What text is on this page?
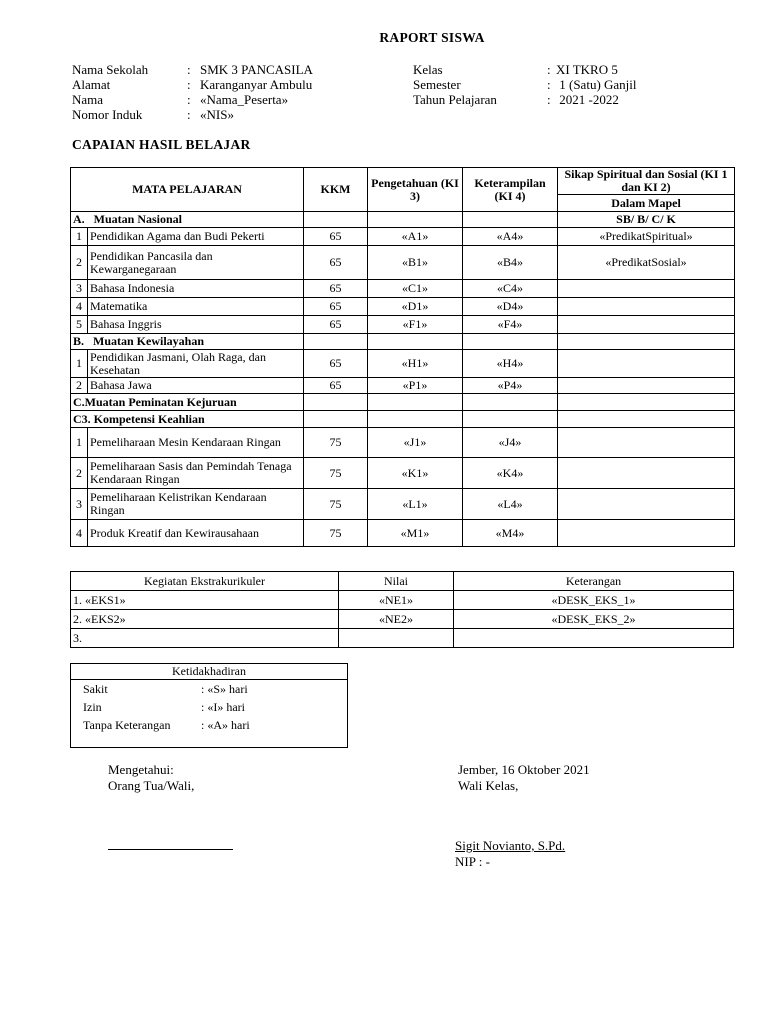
RAPORT SISWA
Nama Sekolah	: SMK 3 PANCASILA
Alamat	: Karanganyar Ambulu
Nama	: «Nama_Peserta»
Nomor Induk	: «NIS»
Kelas	: XI TKRO 5
Semester	: 1 (Satu) Ganjil
Tahun Pelajaran	: 2021 -2022
CAPAIAN HASIL BELAJAR
MATA PELAJARAN		KKM	Pengetahuan (KI 3)	Keterampilan (KI 4)	Sikap Spiritual dan Sosial (KI 1 dan KI 2)
					Dalam Mapel
A.   Muatan Nasional					SB/ B/ C/ K
1	Pendidikan Agama dan Budi Pekerti	65	«A1»	«A4»	«PredikatSpiritual»
2	Pendidikan Pancasila dan Kewarganegaraan	65	«B1»	«B4»	«PredikatSosial»
3	Bahasa Indonesia	65	«C1»	«C4»	
4	Matematika	65	«D1»	«D4»	
5	Bahasa Inggris	65	«F1»	«F4»	
B.   Muatan Kewilayahan					
1	Pendidikan Jasmani, Olah Raga, dan Kesehatan	65	«H1»	«H4»	
2	Bahasa Jawa	65	«P1»	«P4»	
C.Muatan Peminatan Kejuruan					
C3. Kompetensi Keahlian					
1	Pemeliharaan Mesin Kendaraan Ringan	75	«J1»	«J4»	
2	Pemeliharaan Sasis dan Pemindah Tenaga Kendaraan Ringan	75	«K1»	«K4»	
3	Pemeliharaan Kelistrikan Kendaraan Ringan	75	«L1»	«L4»	
4	Produk Kreatif dan Kewirausahaan	75	«M1»	«M4»	
Kegiatan Ekstrakurikuler	Nilai	Keterangan
1. «EKS1»	«NE1»	«DESK_EKS_1»
2. «EKS2»	«NE2»	«DESK_EKS_2»
3.		
Ketidakhadiran
Sakit	: «S» hari
Izin	: «I» hari
Tanpa Keterangan	: «A» hari
Mengetahui:
Orang Tua/Wali,
Jember, 16 Oktober 2021
Wali Kelas,
Sigit Novianto, S.Pd.
NIP : -
